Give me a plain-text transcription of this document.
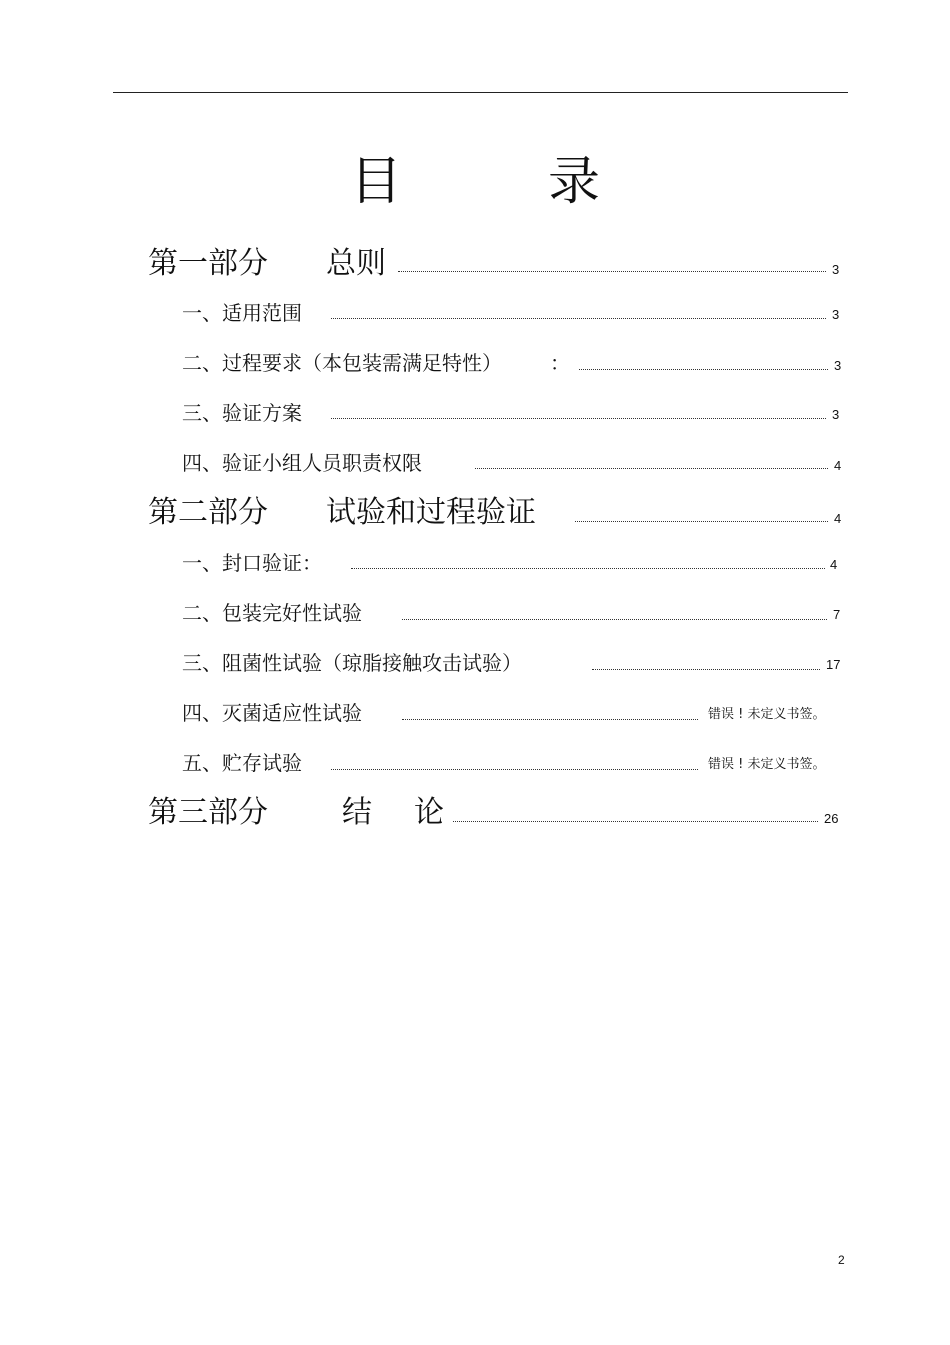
目	录
第一部分 总则	3
一、适用范围	3
二、过程要求（本包装需满足特性） ：	3
三、验证方案	3
四、验证小组人员职责权限	4
第二部分 试验和过程验证	4
一、封口验证：	4
二、包装完好性试验	7
三、阻菌性试验（琼脂接触攻击试验）	17
四、灭菌适应性试验	错误 ! 未定义书签。
五、贮存试验	错误 ! 未定义书签。
第三部分 结 论	26
2
